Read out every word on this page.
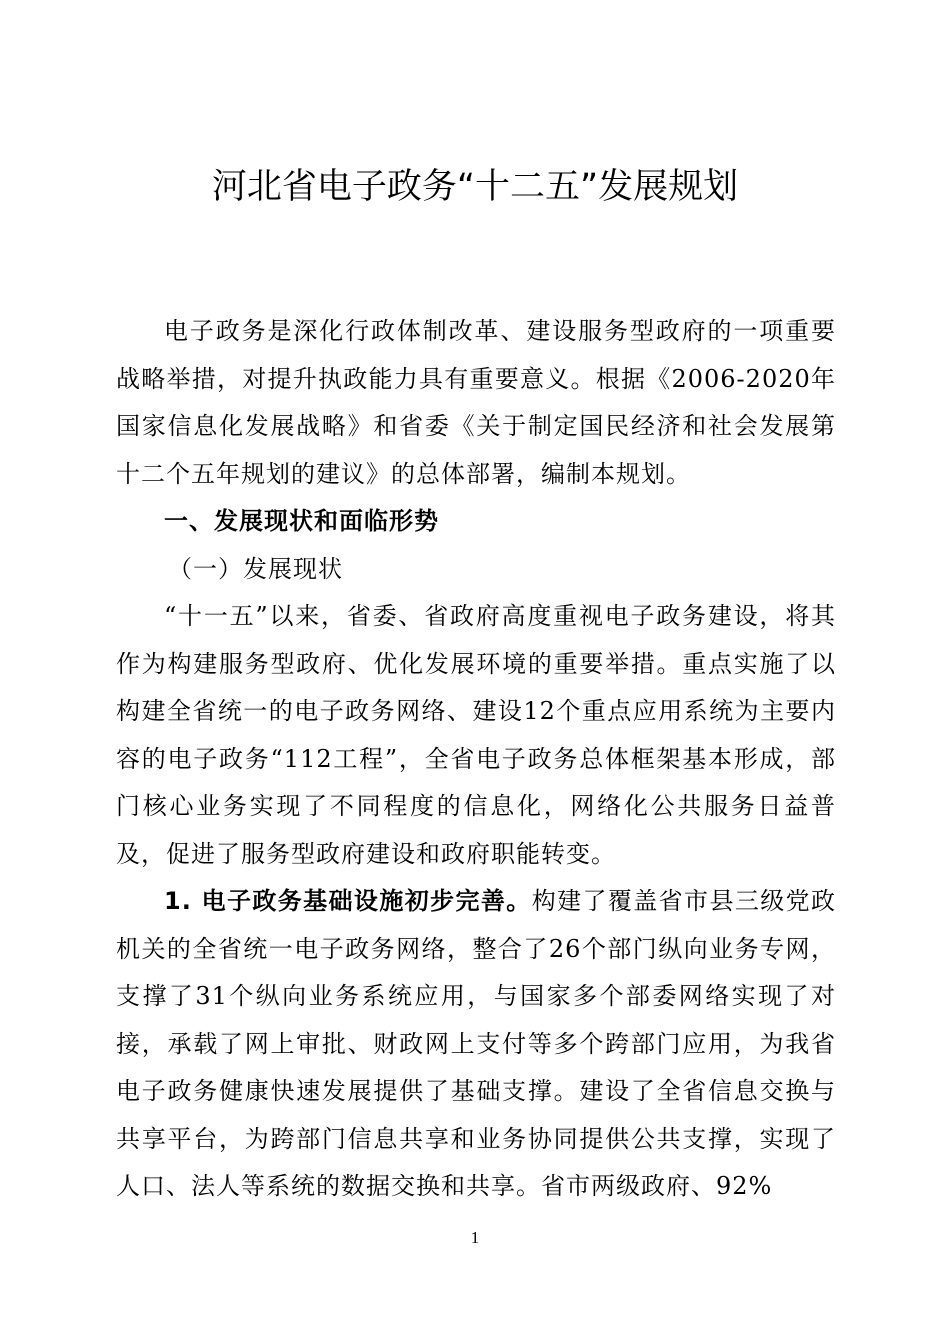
河北省电子政务“十二五”发展规划

电子政务是深化行政体制改革、建设服务型政府的一项重要战略举措，对提升执政能力具有重要意义。根据《2006-2020年国家信息化发展战略》和省委《关于制定国民经济和社会发展第十二个五年规划的建议》的总体部署，编制本规划。

一、发展现状和面临形势

（一）发展现状

“十一五”以来，省委、省政府高度重视电子政务建设，将其作为构建服务型政府、优化发展环境的重要举措。重点实施了以构建全省统一的电子政务网络、建设12个重点应用系统为主要内容的电子政务“112工程”，全省电子政务总体框架基本形成，部门核心业务实现了不同程度的信息化，网络化公共服务日益普及，促进了服务型政府建设和政府职能转变。

1. 电子政务基础设施初步完善。构建了覆盖省市县三级党政机关的全省统一电子政务网络，整合了26个部门纵向业务专网，支撑了31个纵向业务系统应用，与国家多个部委网络实现了对接，承载了网上审批、财政网上支付等多个跨部门应用，为我省电子政务健康快速发展提供了基础支撑。建设了全省信息交换与共享平台，为跨部门信息共享和业务协同提供公共支撑，实现了人口、法人等系统的数据交换和共享。省市两级政府、92%

1
